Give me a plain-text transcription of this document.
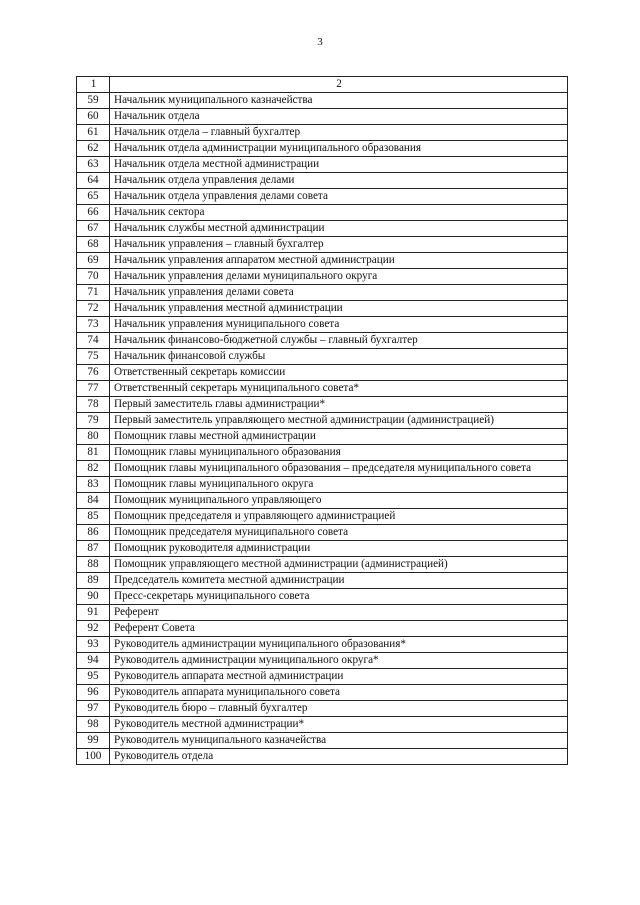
3
1	2
59	Начальник муниципального казначейства
60	Начальник отдела
61	Начальник отдела – главный бухгалтер
62	Начальник отдела администрации муниципального образования
63	Начальник отдела местной администрации
64	Начальник отдела управления делами
65	Начальник отдела управления делами совета
66	Начальник сектора
67	Начальник службы местной администрации
68	Начальник управления – главный бухгалтер
69	Начальник управления аппаратом местной администрации
70	Начальник управления делами муниципального округа
71	Начальник управления делами совета
72	Начальник управления местной администрации
73	Начальник управления муниципального совета
74	Начальник финансово-бюджетной службы – главный бухгалтер
75	Начальник финансовой службы
76	Ответственный секретарь комиссии
77	Ответственный секретарь муниципального совета*
78	Первый заместитель главы администрации*
79	Первый заместитель управляющего местной администрации (администрацией)
80	Помощник главы местной администрации
81	Помощник главы муниципального образования
82	Помощник главы муниципального образования – председателя муниципального совета
83	Помощник главы муниципального округа
84	Помощник муниципального управляющего
85	Помощник председателя и управляющего администрацией
86	Помощник председателя муниципального совета
87	Помощник руководителя администрации
88	Помощник управляющего местной администрации (администрацией)
89	Председатель комитета местной администрации
90	Пресс-секретарь муниципального совета
91	Референт
92	Референт Совета
93	Руководитель администрации муниципального образования*
94	Руководитель администрации муниципального округа*
95	Руководитель аппарата местной администрации
96	Руководитель аппарата муниципального совета
97	Руководитель бюро – главный бухгалтер
98	Руководитель местной администрации*
99	Руководитель муниципального казначейства
100	Руководитель отдела
